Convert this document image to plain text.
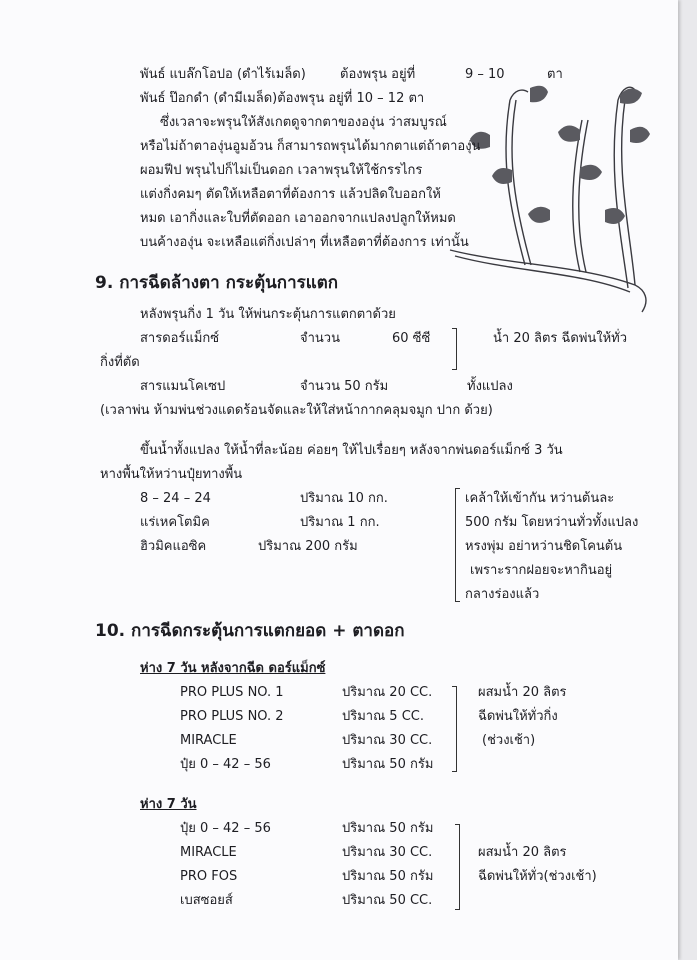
พันธ์ แบล๊กโอปอ (ดำไร้เมล็ด)	ต้องพรุน อยู่ที่	9 – 10	ตา
พันธ์ ป๊อกดำ (ดำมีเมล็ด)ต้องพรุน อยู่ที่ 10 – 12 ตา
ซึ่งเวลาจะพรุนให้สังเกตดูจากตาขององุ่น ว่าสมบูรณ์
หรือไม่ถ้าตาองุ่นอูมอ้วน ก็สามารถพรุนได้มากตาแต่ถ้าตาองุ่น
ผอมฟีป พรุนไปก็ไม่เป็นดอก เวลาพรุนให้ใช้กรรไกร
แต่งกิ่งคมๆ ตัดให้เหลือตาที่ต้องการ แล้วปลิดใบออกให้
หมด เอากิ่งและใบที่ตัดออก เอาออกจากแปลงปลูกให้หมด
บนค้างองุ่น จะเหลือแต่กิ่งเปล่าๆ ที่เหลือตาที่ต้องการ เท่านั้น
9. การฉีดล้างตา กระตุ้นการแตก
หลังพรุนกิ่ง 1 วัน ให้พ่นกระตุ้นการแตกตาด้วย
สารดอร์แม็กซ์	จำนวน	60 ซีซี	น้ำ 20 ลิตร ฉีดพ่นให้ทั่ว
กิ่งที่ตัด
สารแมนโคเซป	จำนวน 50 กรัม	ทั้งแปลง
(เวลาพ่น ห้ามพ่นช่วงแดดร้อนจัดและให้ใส่หน้ากากคลุมจมูก ปาก ด้วย)
ขึ้นน้ำทั้งแปลง ให้น้ำที่ละน้อย ค่อยๆ ให้ไปเรื่อยๆ หลังจากพ่นดอร์แม็กซ์ 3 วัน
หางพื้นให้หว่านปุ๋ยทางพื้น
8 – 24 – 24	ปริมาณ 10 กก.
แร่เหคโตมิค	ปริมาณ 1 กก.
ฮิวมิคแอซิค	ปริมาณ 200 กรัม
เคล้าให้เข้ากัน หว่านต้นละ
500 กรัม โดยหว่านทั่วทั้งแปลง
หรงพุ่ม อย่าหว่านชิดโคนต้น
เพราะรากฝอยจะหากินอยู่
กลางร่องแล้ว
10. การฉีดกระตุ้นการแตกยอด + ตาดอก
ห่าง 7 วัน หลังจากฉีด ดอร์แม็กซ์
PRO PLUS NO. 1	ปริมาณ 20 CC.
PRO PLUS NO. 2	ปริมาณ 5 CC.
MIRACLE	ปริมาณ 30 CC.
ปุ๋ย 0 – 42 – 56	ปริมาณ 50 กรัม
ผสมน้ำ 20 ลิตร
ฉีดพ่นให้ทั่วกิ่ง
(ช่วงเช้า)
ห่าง 7 วัน
ปุ๋ย 0 – 42 – 56	ปริมาณ 50 กรัม
MIRACLE	ปริมาณ 30 CC.
PRO FOS	ปริมาณ 50 กรัม
เบสซอยส์	ปริมาณ 50 CC.
ผสมน้ำ 20 ลิตร
ฉีดพ่นให้ทั่ว(ช่วงเช้า)
